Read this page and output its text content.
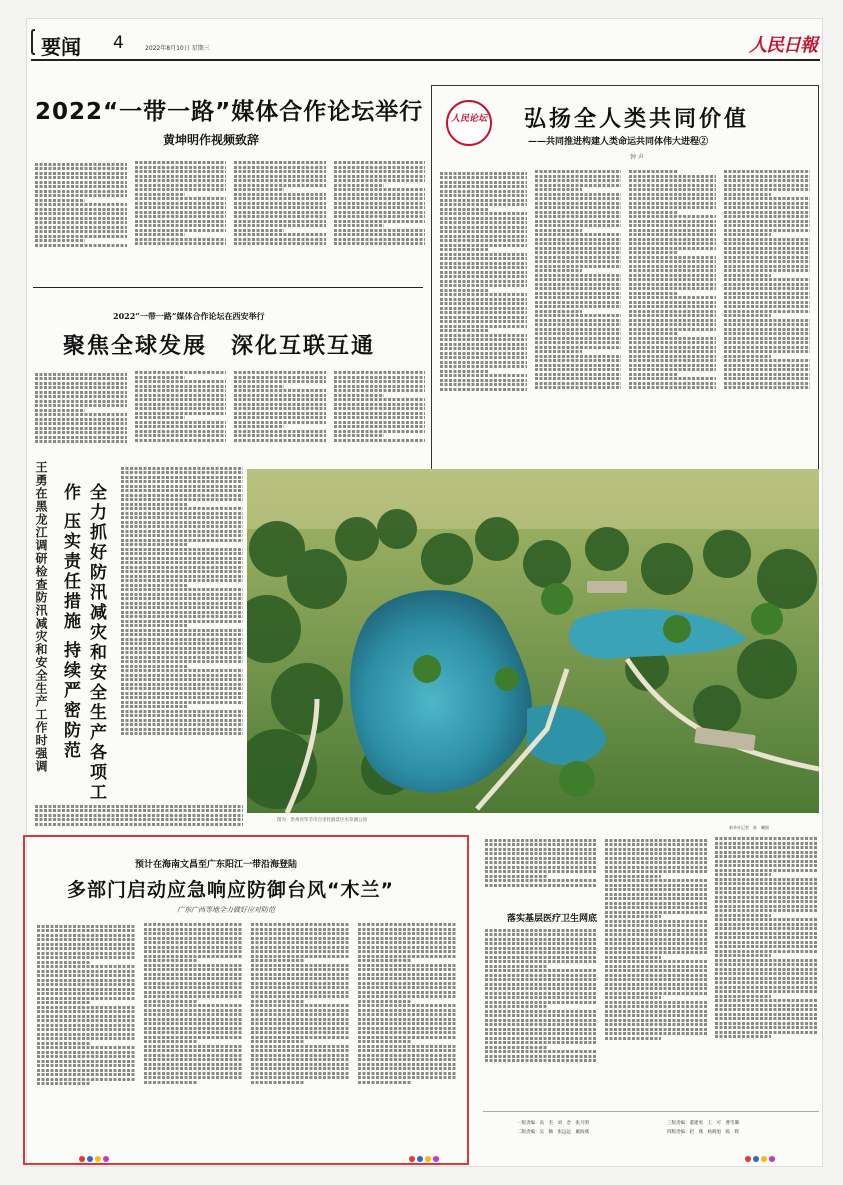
要闻 4	2022年8月10日 星期三	人民日報
2022“一带一路”媒体合作论坛举行
黄坤明作视频致辞
2022“一带一路”媒体合作论坛在西安举行
聚焦全球发展　深化互联互通
人民论坛 弘扬全人类共同价值
——共同推进构建人类命运共同体伟大进程②
钟 声
王勇在黑龙江调研检查防汛减灾和安全生产工作时强调	全力抓好防汛减灾和安全生产各项工作 压实责任措施 持续严密防范
图为：贵州省毕节市百里杜鹃景区水草湖公园
新华社记者　陈　曦摄
预计在海南文昌至广东阳江一带沿海登陆
多部门启动应急响应防御台风“木兰”
广东广西等地全力做好应对防范
落实基层医疗卫生网底
一版责编：高　杰　刘　念　张月明
二版责编：吴　楠　张远远　戴海燕
三版责编：董建勇　王　可　曹雪璐
四版责编：赵　燕　杨晓旭　陈　辉
